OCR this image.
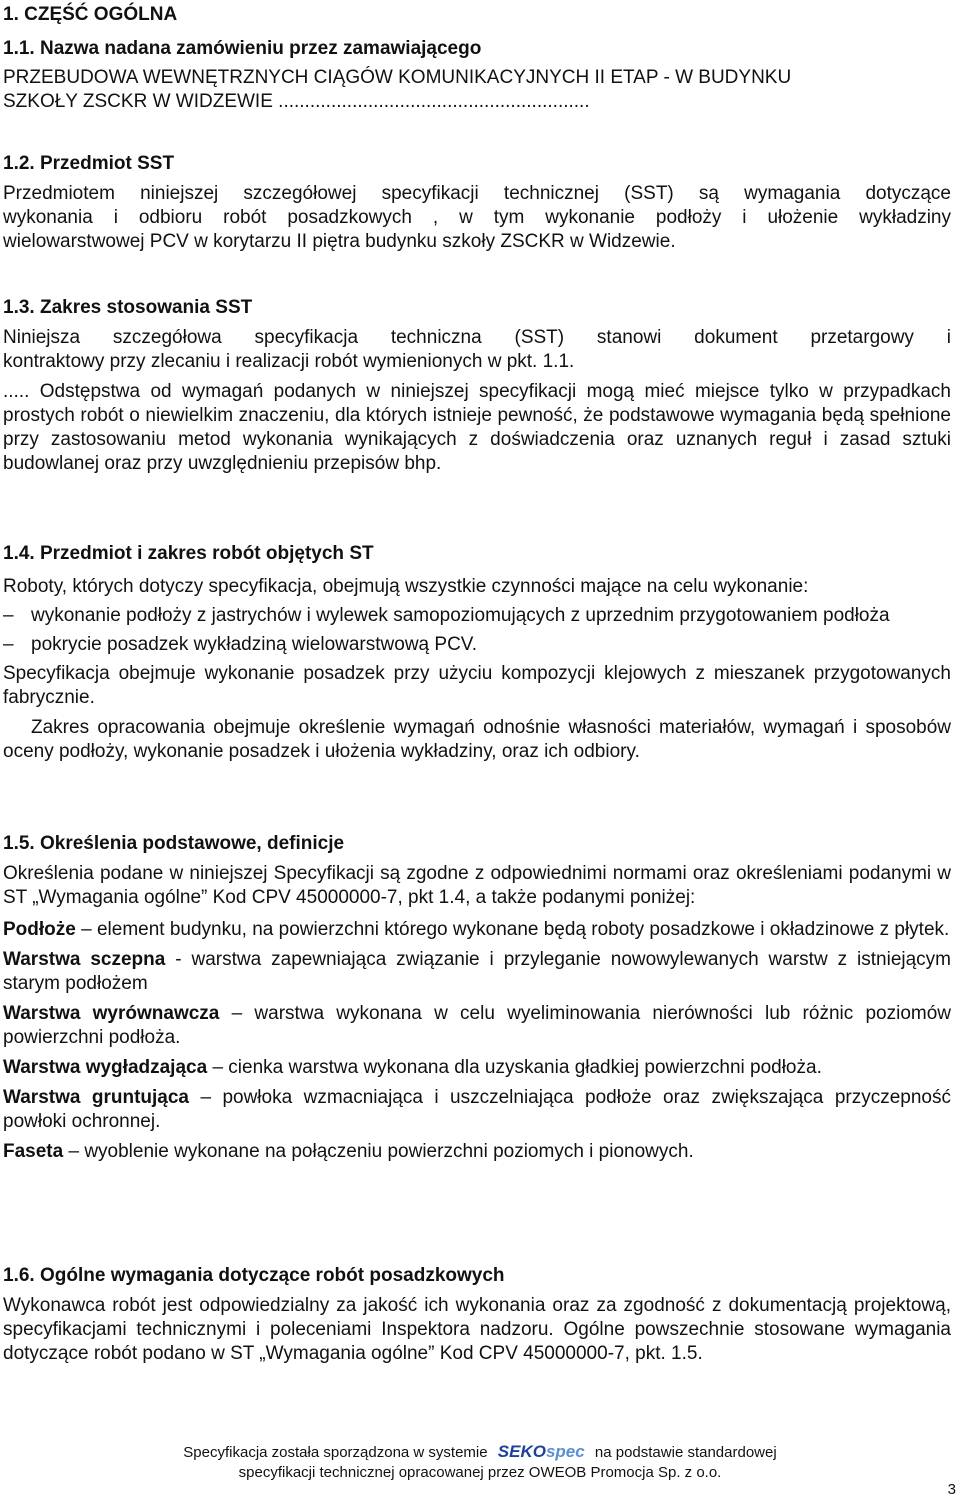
1. CZĘŚĆ OGÓLNA

1.1. Nazwa nadana zamówieniu przez zamawiającego

PRZEBUDOWA WEWNĘTRZNYCH CIĄGÓW KOMUNIKACYJNYCH II ETAP - W BUDYNKU

SZKOŁY ZSCKR W WIDZEWIE ...........................................................

1.2. Przedmiot SST

Przedmiotem niniejszej szczegółowej specyfikacji technicznej (SST) są wymagania dotyczące

wykonania i odbioru robót posadzkowych , w tym wykonanie podłoży i ułożenie wykładziny

wielowarstwowej PCV w korytarzu II piętra budynku szkoły ZSCKR w Widzewie.

1.3. Zakres stosowania SST

Niniejsza szczegółowa specyfikacja techniczna (SST) stanowi dokument przetargowy i

kontraktowy przy zlecaniu i realizacji robót wymienionych w pkt. 1.1.

..... Odstępstwa od wymagań podanych w niniejszej specyfikacji mogą mieć miejsce tylko w przypadkach prostych robót o niewielkim znaczeniu, dla których istnieje pewność, że podstawowe wymagania będą spełnione przy zastosowaniu metod wykonania wynikających z doświadczenia oraz uznanych reguł i zasad sztuki budowlanej oraz przy uwzględnieniu przepisów bhp.

1.4. Przedmiot i zakres robót objętych ST

Roboty, których dotyczy specyfikacja, obejmują wszystkie czynności mające na celu wykonanie:

– wykonanie podłoży z jastrychów i wylewek samopoziomujących z uprzednim przygotowaniem podłoża
– pokrycie posadzek wykładziną wielowarstwową PCV.

Specyfikacja obejmuje wykonanie posadzek przy użyciu kompozycji klejowych z mieszanek przygotowanych fabrycznie.

Zakres opracowania obejmuje określenie wymagań odnośnie własności materiałów, wymagań i sposobów oceny podłoży, wykonanie posadzek i ułożenia wykładziny, oraz ich odbiory.

1.5. Określenia podstawowe, definicje

Określenia podane w niniejszej Specyfikacji są zgodne z odpowiednimi normami oraz określeniami podanymi w ST „Wymagania ogólne” Kod CPV 45000000-7, pkt 1.4, a także podanymi poniżej:

Podłoże – element budynku, na powierzchni którego wykonane będą roboty posadzkowe i okładzinowe z płytek.

Warstwa sczepna - warstwa zapewniająca związanie i przyleganie nowowylewanych warstw z istniejącym starym podłożem

Warstwa wyrównawcza – warstwa wykonana w celu wyeliminowania nierówności lub różnic poziomów powierzchni podłoża.

Warstwa wygładzająca – cienka warstwa wykonana dla uzyskania gładkiej powierzchni podłoża.

Warstwa gruntująca – powłoka wzmacniająca i uszczelniająca podłoże oraz zwiększająca przyczepność powłoki ochronnej.

Faseta – wyoblenie wykonane na połączeniu powierzchni poziomych i pionowych.

1.6. Ogólne wymagania dotyczące robót posadzkowych

Wykonawca robót jest odpowiedzialny za jakość ich wykonania oraz za zgodność z dokumentacją projektową, specyfikacjami technicznymi i poleceniami Inspektora nadzoru. Ogólne powszechnie stosowane wymagania dotyczące robót podano w ST „Wymagania ogólne” Kod CPV 45000000-7, pkt. 1.5.

Specyfikacja została sporządzona w systemie SEKOspec na podstawie standardowej
specyfikacji technicznej opracowanej przez OWEOB Promocja Sp. z o.o.
3
